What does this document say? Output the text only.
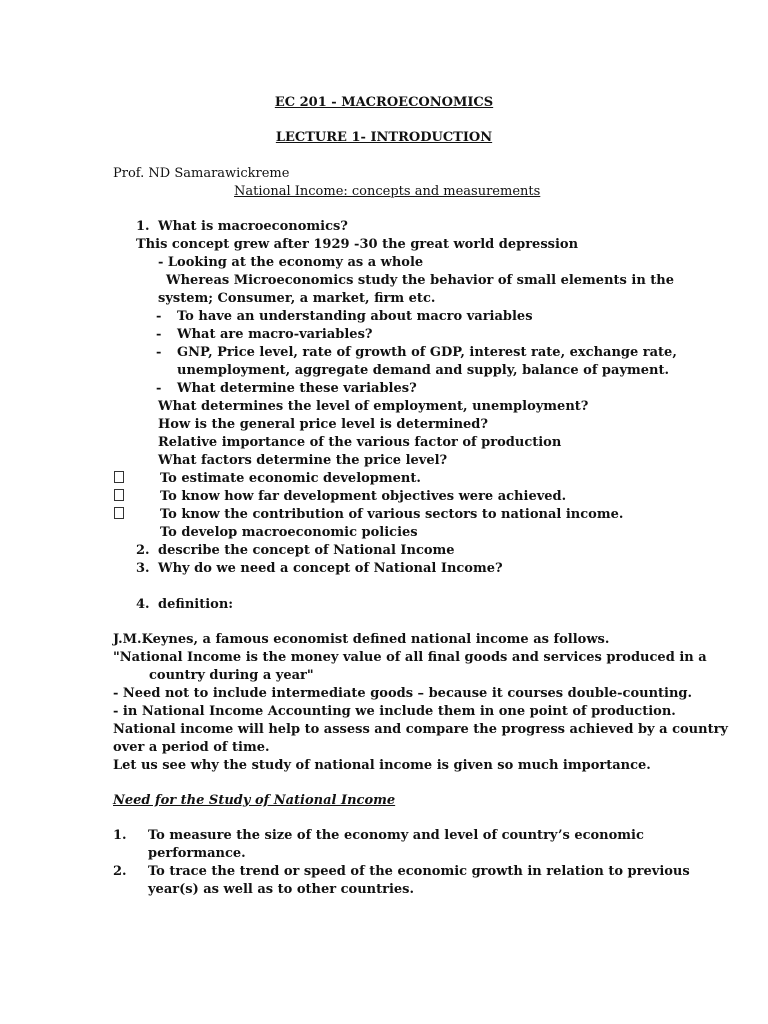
EC 201 - MACROECONOMICS
LECTURE 1- INTRODUCTION
Prof. ND Samarawickreme
National Income: concepts and measurements
1. What is macroeconomics?
This concept grew after 1929 -30 the great world depression
- Looking at the economy as a whole
Whereas Microeconomics study the behavior of small elements in the
system; Consumer, a market, firm etc.
- To have an understanding about macro variables
- What are macro-variables?
- GNP, Price level, rate of growth of GDP, interest rate, exchange rate,
unemployment, aggregate demand and supply, balance of payment.
- What determine these variables?
What determines the level of employment, unemployment?
How is the general price level is determined?
Relative importance of the various factor of production
What factors determine the price level?
To estimate economic development.
To know how far development objectives were achieved.
To know the contribution of various sectors to national income.
To develop macroeconomic policies
2. describe the concept of National Income
3. Why do we need a concept of National Income?
4. definition:
J.M.Keynes, a famous economist defined national income as follows.
"National Income is the money value of all final goods and services produced in a
country during a year"
- Need not to include intermediate goods – because it courses double-counting.
- in National Income Accounting we include them in one point of production.
National income will help to assess and compare the progress achieved by a country
over a period of time.
Let us see why the study of national income is given so much importance.
Need for the Study of National Income
1. To measure the size of the economy and level of country’s economic
performance.
2. To trace the trend or speed of the economic growth in relation to previous
year(s) as well as to other countries.
